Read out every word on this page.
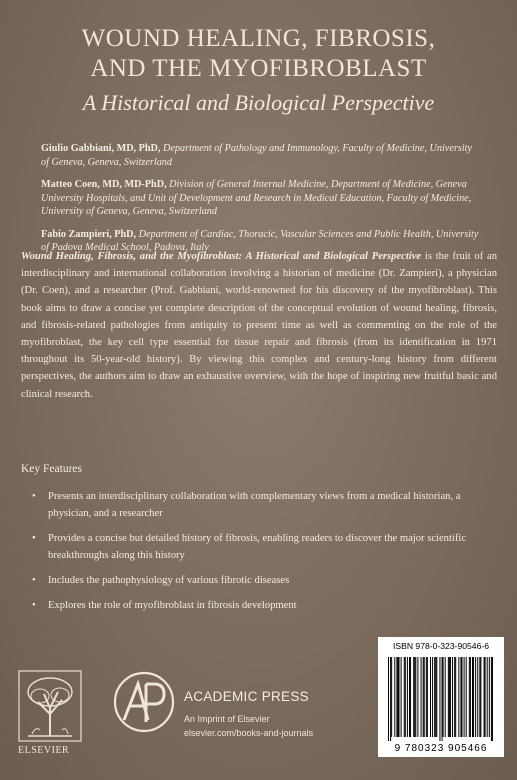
WOUND HEALING, FIBROSIS,
AND THE MYOFIBROBLAST
A Historical and Biological Perspective
Giulio Gabbiani, MD, PhD, Department of Pathology and Immunology, Faculty of Medicine, University of Geneva, Geneva, Switzerland
Matteo Coen, MD, MD-PhD, Division of General Internal Medicine, Department of Medicine, Geneva University Hospitals, and Unit of Development and Research in Medical Education, Faculty of Medicine, University of Geneva, Geneva, Switzerland
Fabio Zampieri, PhD, Department of Cardiac, Thoracic, Vascular Sciences and Public Health, University of Padova Medical School, Padova, Italy
Wound Healing, Fibrosis, and the Myofibroblast: A Historical and Biological Perspective is the fruit of an interdisciplinary and international collaboration involving a historian of medicine (Dr. Zampieri), a physician (Dr. Coen), and a researcher (Prof. Gabbiani, world-renowned for his discovery of the myofibroblast). This book aims to draw a concise yet complete description of the conceptual evolution of wound healing, fibrosis, and fibrosis-related pathologies from antiquity to present time as well as commenting on the role of the myofibroblast, the key cell type essential for tissue repair and fibrosis (from its identification in 1971 throughout its 50-year-old history). By viewing this complex and century-long history from different perspectives, the authors aim to draw an exhaustive overview, with the hope of inspiring new fruitful basic and clinical research.
Key Features
• Presents an interdisciplinary collaboration with complementary views from a medical historian, a physician, and a researcher
• Provides a concise but detailed history of fibrosis, enabling readers to discover the major scientific breakthroughs along this history
• Includes the pathophysiology of various fibrotic diseases
• Explores the role of myofibroblast in fibrosis development
ELSEVIER
ACADEMIC PRESS
An Imprint of Elsevier
elsevier.com/books-and-journals
ISBN 978-0-323-90546-6
9 780323 905466
